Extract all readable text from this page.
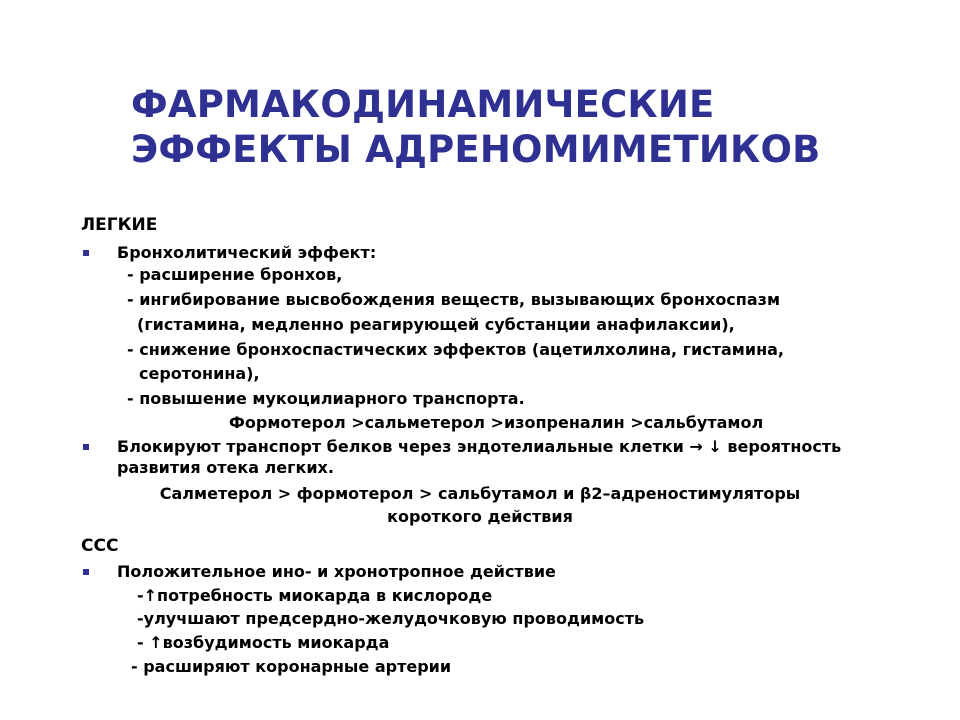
ФАРМАКОДИНАМИЧЕСКИЕ
ЭФФЕКТЫ АДРЕНОМИМЕТИКОВ
ЛЕГКИЕ
Бронхолитический эффект:
- расширение бронхов,
- ингибирование высвобождения веществ, вызывающих бронхоспазм
(гистамина, медленно реагирующей субстанции анафилаксии),
- снижение бронхоспастических эффектов (ацетилхолина, гистамина,
серотонина),
- повышение мукоцилиарного транспорта.
Формотерол >сальметерол >изопреналин >сальбутамол
Блокируют транспорт белков через эндотелиальные клетки → ↓ вероятность
развития отека легких.
Салметерол > формотерол > сальбутамол и β2–адреностимуляторы
короткого действия
ССС
Положительное ино- и хронотропное действие
-↑потребность миокарда в кислороде
-улучшают предсердно-желудочковую проводимость
- ↑возбудимость миокарда
- расширяют коронарные артерии
